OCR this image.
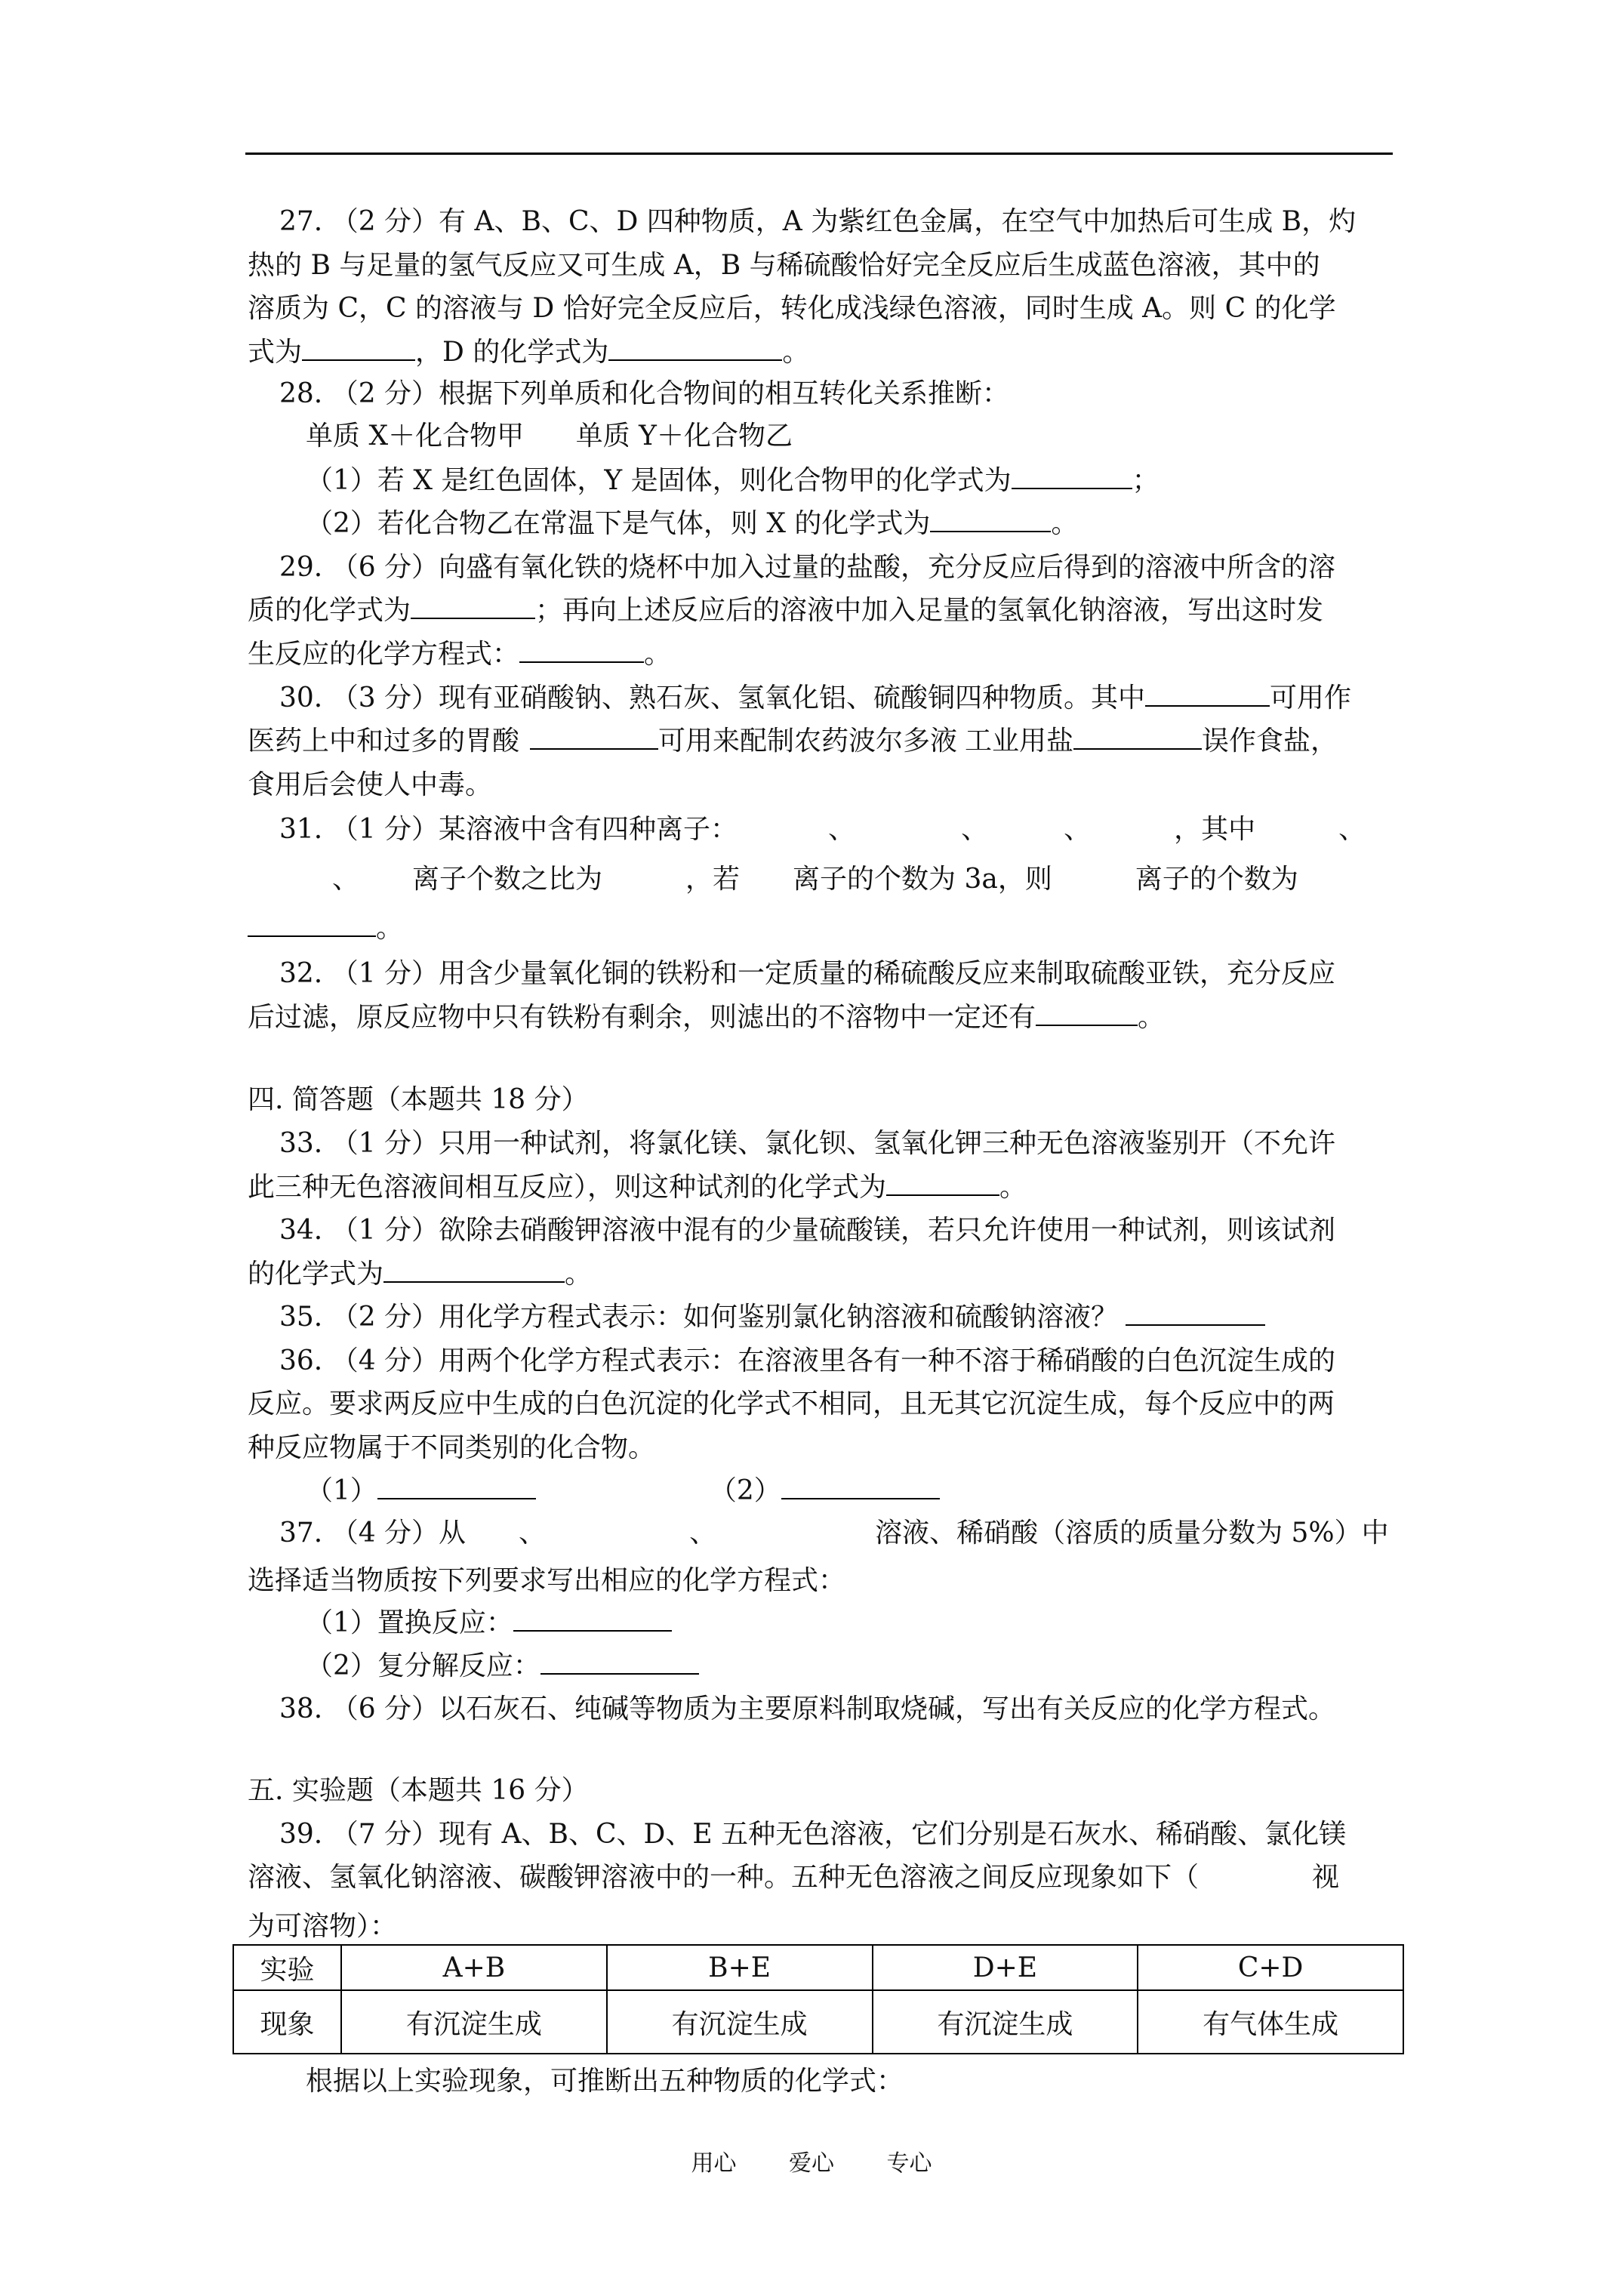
27. （2 分）有 A、B、C、D 四种物质，A 为紫红色金属，在空气中加热后可生成 B，灼
热的 B 与足量的氢气反应又可生成 A，B 与稀硫酸恰好完全反应后生成蓝色溶液，其中的
溶质为 C，C 的溶液与 D 恰好完全反应后，转化成浅绿色溶液，同时生成 A。则 C 的化学
式为	，D 的化学式为	。
28. （2 分）根据下列单质和化合物间的相互转化关系推断：
单质 X＋化合物甲      单质 Y＋化合物乙
（1）若 X 是红色固体，Y 是固体，则化合物甲的化学式为	；
（2）若化合物乙在常温下是气体，则 X 的化学式为	。
29. （6 分）向盛有氧化铁的烧杯中加入过量的盐酸，充分反应后得到的溶液中所含的溶
质的化学式为	；再向上述反应后的溶液中加入足量的氢氧化钠溶液，写出这时发
生反应的化学方程式：	。
30. （3 分）现有亚硝酸钠、熟石灰、氢氧化铝、硫酸铜四种物质。其中	可用作
医药上中和过多的胃酸	可用来配制农药波尔多液 工业用盐	误作食盐，
食用后会使人中毒。
31. （1 分）某溶液中含有四种离子：	、	、	、	，其中	、
、 离子个数之比为	，若 离子的个数为 3a，则	离子的个数为
。
32. （1 分）用含少量氧化铜的铁粉和一定质量的稀硫酸反应来制取硫酸亚铁，充分反应
后过滤，原反应物中只有铁粉有剩余，则滤出的不溶物中一定还有	。
四. 简答题（本题共 18 分）
33. （1 分）只用一种试剂，将氯化镁、氯化钡、氢氧化钾三种无色溶液鉴别开（不允许
此三种无色溶液间相互反应），则这种试剂的化学式为	。
34. （1 分）欲除去硝酸钾溶液中混有的少量硫酸镁，若只允许使用一种试剂，则该试剂
的化学式为	。
35. （2 分）用化学方程式表示：如何鉴别氯化钠溶液和硫酸钠溶液？
36. （4 分）用两个化学方程式表示：在溶液里各有一种不溶于稀硝酸的白色沉淀生成的
反应。要求两反应中生成的白色沉淀的化学式不相同，且无其它沉淀生成，每个反应中的两
种反应物属于不同类别的化合物。
（1）	（2）
37. （4 分）从 、	、	溶液、稀硝酸（溶质的质量分数为 5%）中
选择适当物质按下列要求写出相应的化学方程式：
（1）置换反应：
（2）复分解反应：
38. （6 分）以石灰石、纯碱等物质为主要原料制取烧碱，写出有关反应的化学方程式。
五. 实验题（本题共 16 分）
39. （7 分）现有 A、B、C、D、E 五种无色溶液，它们分别是石灰水、稀硝酸、氯化镁
溶液、氢氧化钠溶液、碳酸钾溶液中的一种。五种无色溶液之间反应现象如下（	视
为可溶物）：
实验	A+B	B+E	D+E	C+D
现象	有沉淀生成	有沉淀生成	有沉淀生成	有气体生成
根据以上实验现象，可推断出五种物质的化学式：
用心 爱心 专心
